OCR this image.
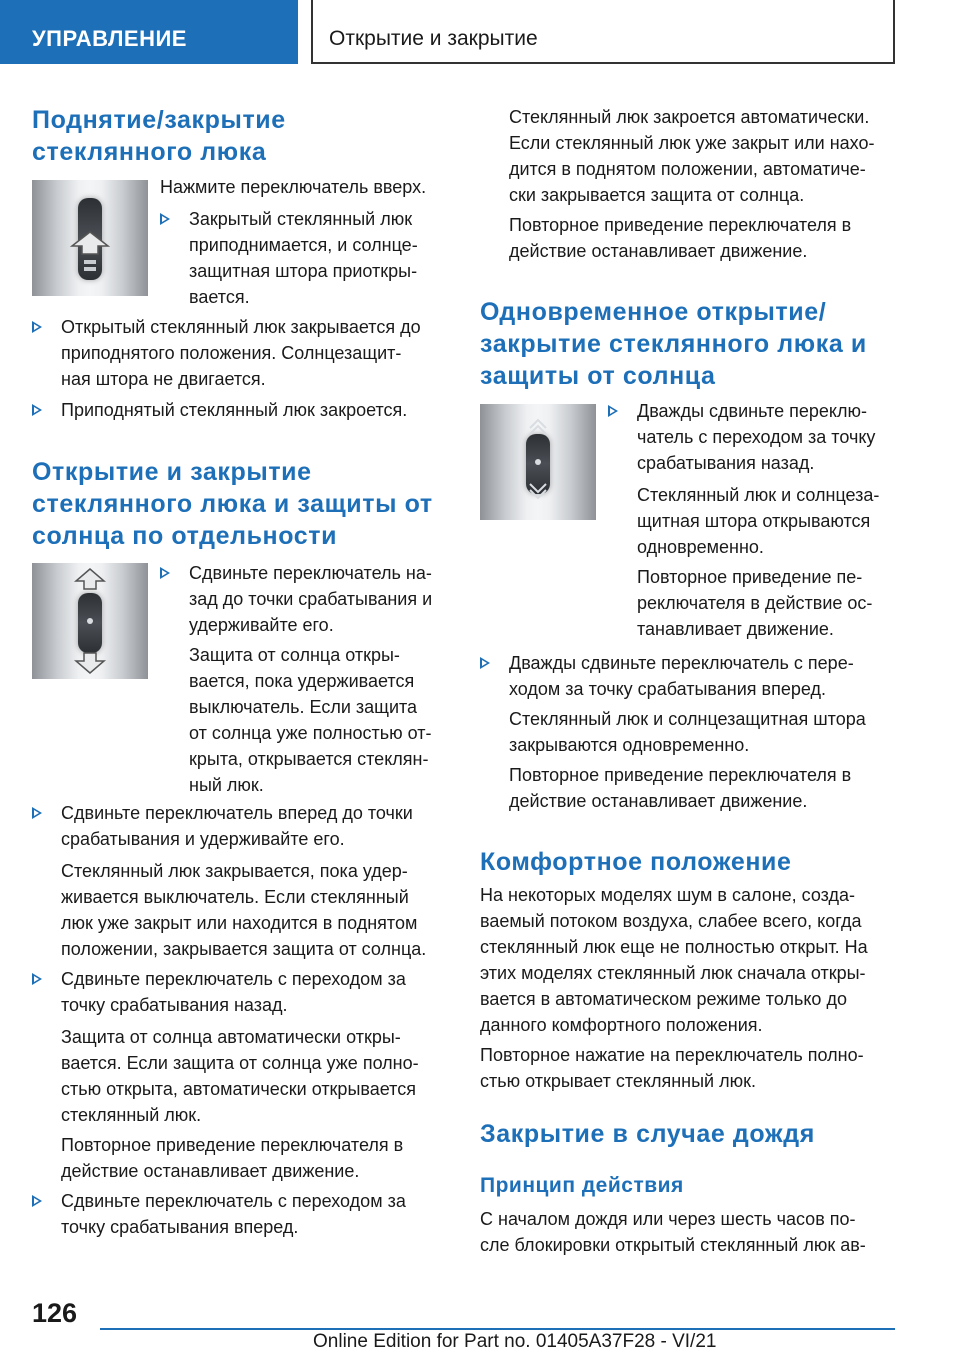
УПРАВЛЕНИЕ	Открытие и закрытие
Поднятие/закрытие
стеклянного люка

Нажмите переключатель вверх.

Закрытый стеклянный люк
приподнимается, и солнце-
защитная штора приоткры-
вается.
Открытый стеклянный люк закрывается до
приподнятого положения. Солнцезащит-
ная штора не двигается.
Приподнятый стеклянный люк закроется.
Открытие и закрытие
стеклянного люка и защиты от
солнца по отдельности
Сдвиньте переключатель на-
зад до точки срабатывания и
удерживайте его.
Защита от солнца откры-
вается, пока удерживается
выключатель. Если защита
от солнца уже полностью от-
крыта, открывается стеклян-
ный люк.
Сдвиньте переключатель вперед до точки
срабатывания и удерживайте его.
Стеклянный люк закрывается, пока удер-
живается выключатель. Если стеклянный
люк уже закрыт или находится в поднятом
положении, закрывается защита от солнца.
Сдвиньте переключатель с переходом за
точку срабатывания назад.
Защита от солнца автоматически откры-
вается. Если защита от солнца уже полно-
стью открыта, автоматически открывается
стеклянный люк.
Повторное приведение переключателя в
действие останавливает движение.
Сдвиньте переключатель с переходом за
точку срабатывания вперед.
Стеклянный люк закроется автоматически.
Если стеклянный люк уже закрыт или нахо-
дится в поднятом положении, автоматиче-
ски закрывается защита от солнца.
Повторное приведение переключателя в
действие останавливает движение.
Одновременное открытие/
закрытие стеклянного люка и
защиты от солнца
Дважды сдвиньте переклю-
чатель с переходом за точку
срабатывания назад.
Стеклянный люк и солнцеза-
щитная штора открываются
одновременно.
Повторное приведение пе-
реключателя в действие ос-
танавливает движение.
Дважды сдвиньте переключатель с пере-
ходом за точку срабатывания вперед.
Стеклянный люк и солнцезащитная штора
закрываются одновременно.
Повторное приведение переключателя в
действие останавливает движение.
Комфортное положение
На некоторых моделях шум в салоне, созда-
ваемый потоком воздуха, слабее всего, когда
стеклянный люк еще не полностью открыт. На
этих моделях стеклянный люк сначала откры-
вается в автоматическом режиме только до
данного комфортного положения.
Повторное нажатие на переключатель полно-
стью открывает стеклянный люк.
Закрытие в случае дождя
Принцип действия
С началом дождя или через шесть часов по-
сле блокировки открытый стеклянный люк ав-
126
Online Edition for Part no. 01405A37F28 - VI/21
